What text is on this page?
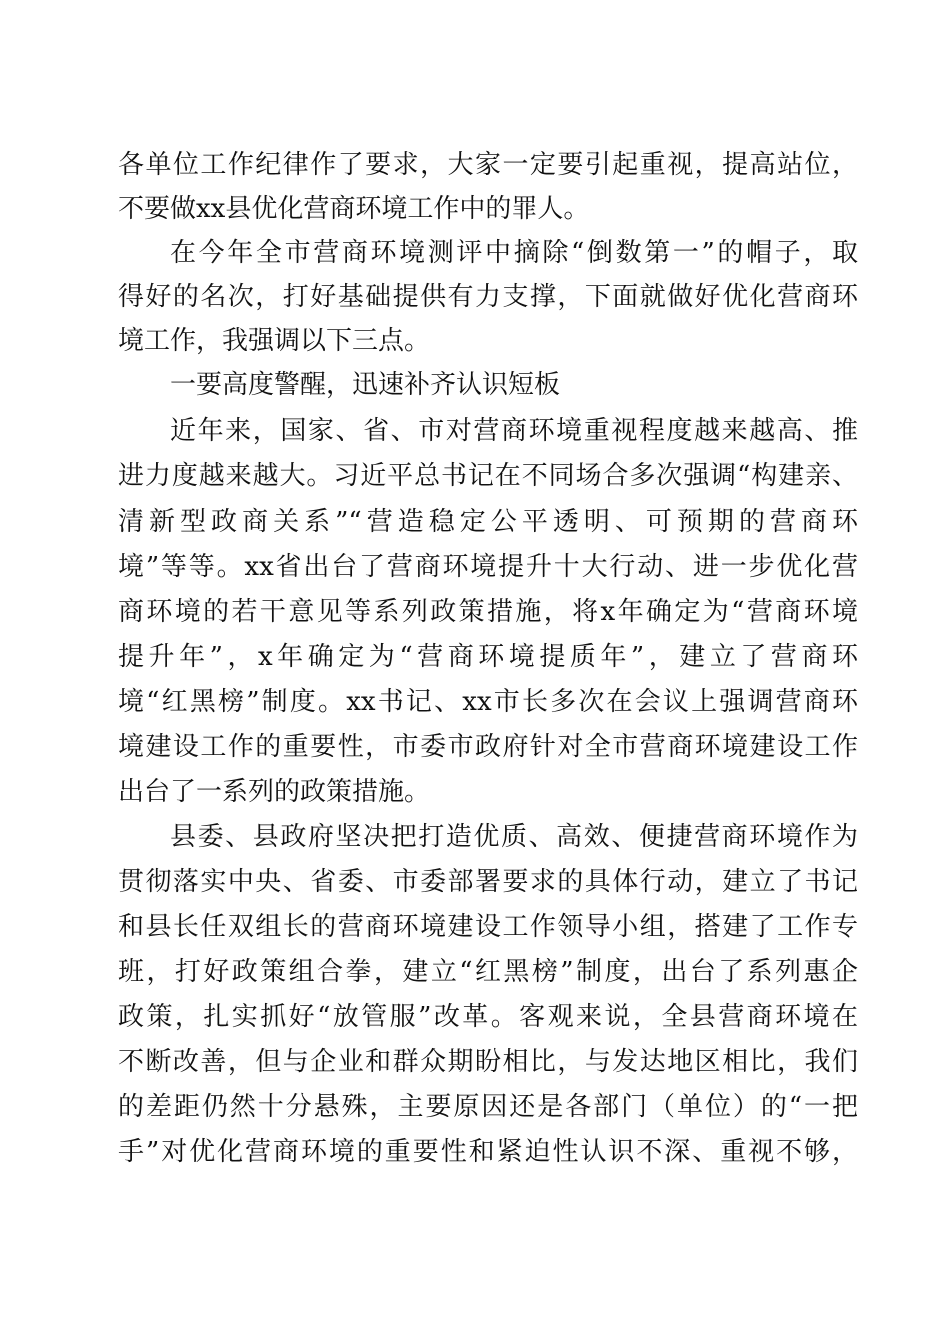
各单位工作纪律作了要求，大家一定要引起重视，提高站位，
不要做xx县优化营商环境工作中的罪人。
在今年全市营商环境测评中摘除“倒数第一”的帽子，取
得好的名次，打好基础提供有力支撑，下面就做好优化营商环
境工作，我强调以下三点。
一要高度警醒，迅速补齐认识短板
近年来，国家、省、市对营商环境重视程度越来越高、推
进力度越来越大。习近平总书记在不同场合多次强调“构建亲、
清新型政商关系”“营造稳定公平透明、可预期的营商环
境”等等。xx省出台了营商环境提升十大行动、进一步优化营
商环境的若干意见等系列政策措施，将x年确定为“营商环境
提升年”，x年确定为“营商环境提质年”，建立了营商环
境“红黑榜”制度。xx书记、xx市长多次在会议上强调营商环
境建设工作的重要性，市委市政府针对全市营商环境建设工作
出台了一系列的政策措施。
县委、县政府坚决把打造优质、高效、便捷营商环境作为
贯彻落实中央、省委、市委部署要求的具体行动，建立了书记
和县长任双组长的营商环境建设工作领导小组，搭建了工作专
班，打好政策组合拳，建立“红黑榜”制度，出台了系列惠企
政策，扎实抓好“放管服”改革。客观来说，全县营商环境在
不断改善，但与企业和群众期盼相比，与发达地区相比，我们
的差距仍然十分悬殊，主要原因还是各部门（单位）的“一把
手”对优化营商环境的重要性和紧迫性认识不深、重视不够，
